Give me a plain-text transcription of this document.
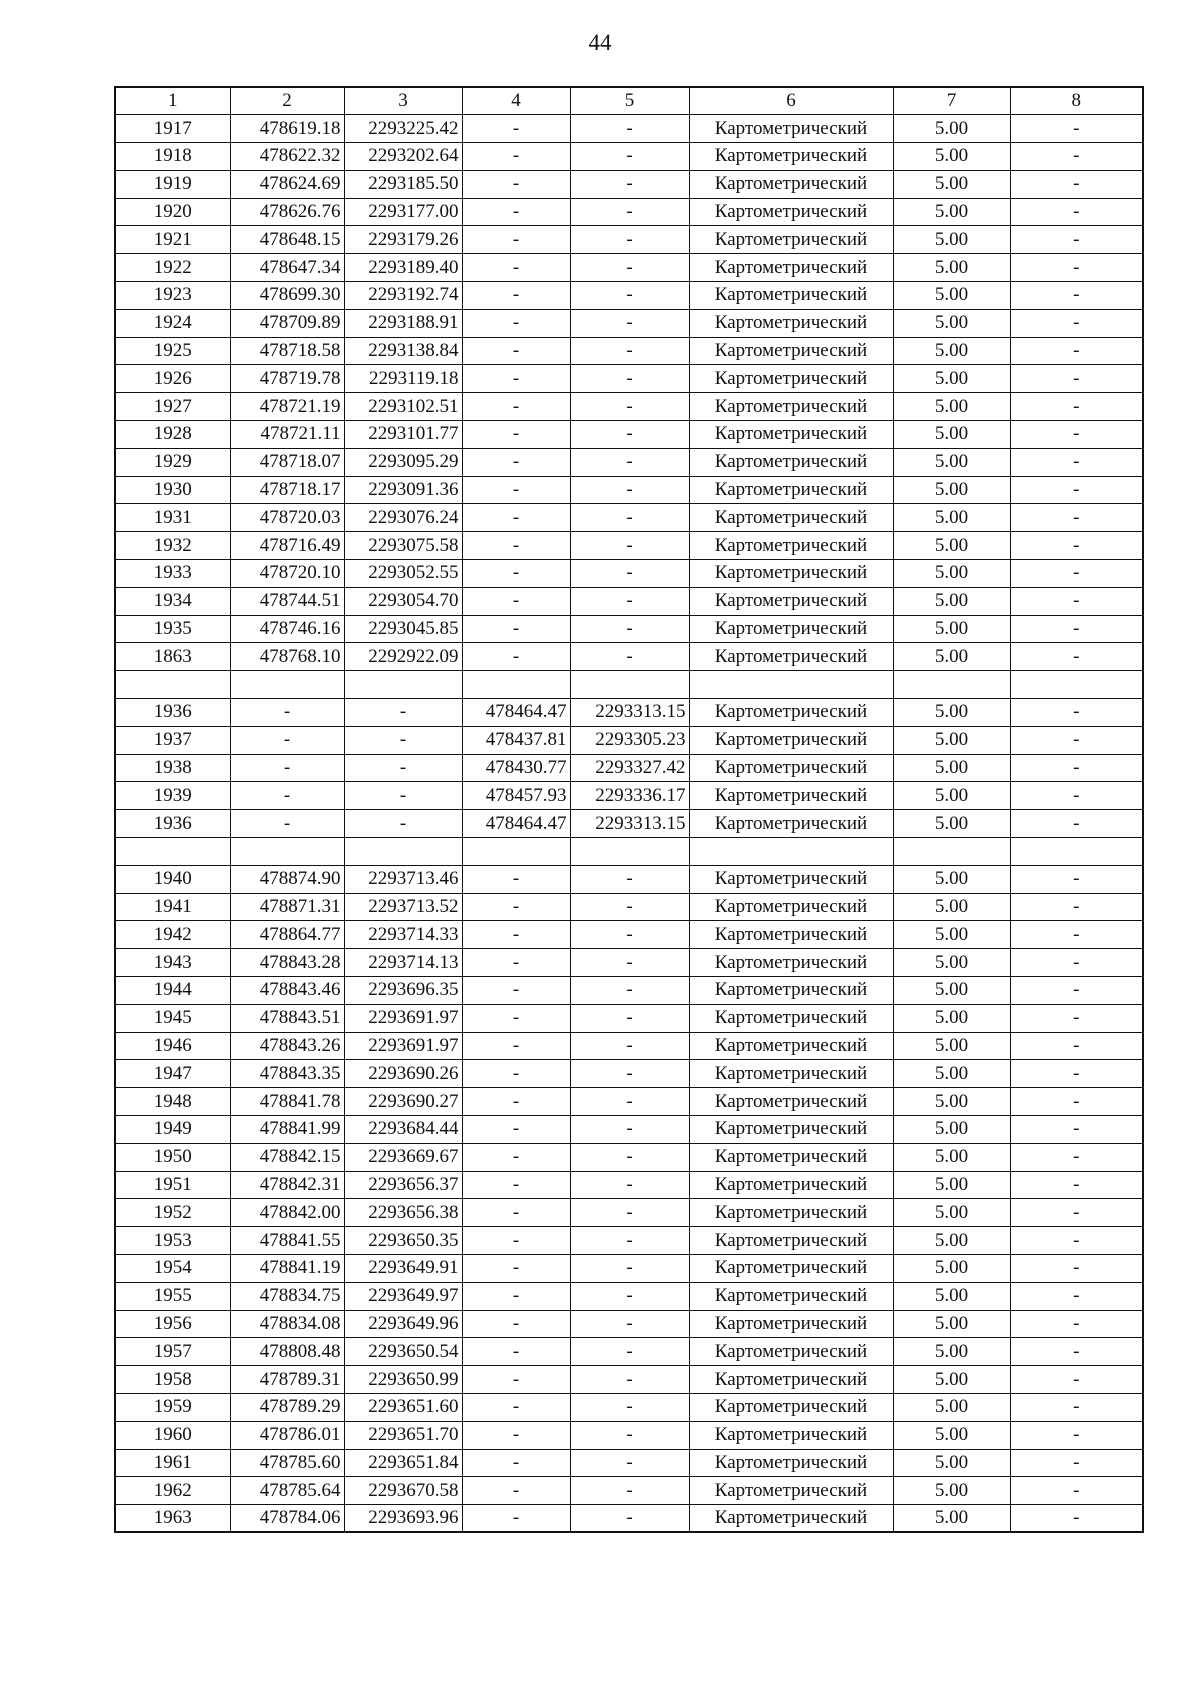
44
1	2	3	4	5	6	7	8
1917	478619.18	2293225.42	-	-	Картометрический	5.00	-
1918	478622.32	2293202.64	-	-	Картометрический	5.00	-
1919	478624.69	2293185.50	-	-	Картометрический	5.00	-
1920	478626.76	2293177.00	-	-	Картометрический	5.00	-
1921	478648.15	2293179.26	-	-	Картометрический	5.00	-
1922	478647.34	2293189.40	-	-	Картометрический	5.00	-
1923	478699.30	2293192.74	-	-	Картометрический	5.00	-
1924	478709.89	2293188.91	-	-	Картометрический	5.00	-
1925	478718.58	2293138.84	-	-	Картометрический	5.00	-
1926	478719.78	2293119.18	-	-	Картометрический	5.00	-
1927	478721.19	2293102.51	-	-	Картометрический	5.00	-
1928	478721.11	2293101.77	-	-	Картометрический	5.00	-
1929	478718.07	2293095.29	-	-	Картометрический	5.00	-
1930	478718.17	2293091.36	-	-	Картометрический	5.00	-
1931	478720.03	2293076.24	-	-	Картометрический	5.00	-
1932	478716.49	2293075.58	-	-	Картометрический	5.00	-
1933	478720.10	2293052.55	-	-	Картометрический	5.00	-
1934	478744.51	2293054.70	-	-	Картометрический	5.00	-
1935	478746.16	2293045.85	-	-	Картометрический	5.00	-
1863	478768.10	2292922.09	-	-	Картометрический	5.00	-

1936	-	-	478464.47	2293313.15	Картометрический	5.00	-
1937	-	-	478437.81	2293305.23	Картометрический	5.00	-
1938	-	-	478430.77	2293327.42	Картометрический	5.00	-
1939	-	-	478457.93	2293336.17	Картометрический	5.00	-
1936	-	-	478464.47	2293313.15	Картометрический	5.00	-

1940	478874.90	2293713.46	-	-	Картометрический	5.00	-
1941	478871.31	2293713.52	-	-	Картометрический	5.00	-
1942	478864.77	2293714.33	-	-	Картометрический	5.00	-
1943	478843.28	2293714.13	-	-	Картометрический	5.00	-
1944	478843.46	2293696.35	-	-	Картометрический	5.00	-
1945	478843.51	2293691.97	-	-	Картометрический	5.00	-
1946	478843.26	2293691.97	-	-	Картометрический	5.00	-
1947	478843.35	2293690.26	-	-	Картометрический	5.00	-
1948	478841.78	2293690.27	-	-	Картометрический	5.00	-
1949	478841.99	2293684.44	-	-	Картометрический	5.00	-
1950	478842.15	2293669.67	-	-	Картометрический	5.00	-
1951	478842.31	2293656.37	-	-	Картометрический	5.00	-
1952	478842.00	2293656.38	-	-	Картометрический	5.00	-
1953	478841.55	2293650.35	-	-	Картометрический	5.00	-
1954	478841.19	2293649.91	-	-	Картометрический	5.00	-
1955	478834.75	2293649.97	-	-	Картометрический	5.00	-
1956	478834.08	2293649.96	-	-	Картометрический	5.00	-
1957	478808.48	2293650.54	-	-	Картометрический	5.00	-
1958	478789.31	2293650.99	-	-	Картометрический	5.00	-
1959	478789.29	2293651.60	-	-	Картометрический	5.00	-
1960	478786.01	2293651.70	-	-	Картометрический	5.00	-
1961	478785.60	2293651.84	-	-	Картометрический	5.00	-
1962	478785.64	2293670.58	-	-	Картометрический	5.00	-
1963	478784.06	2293693.96	-	-	Картометрический	5.00	-
